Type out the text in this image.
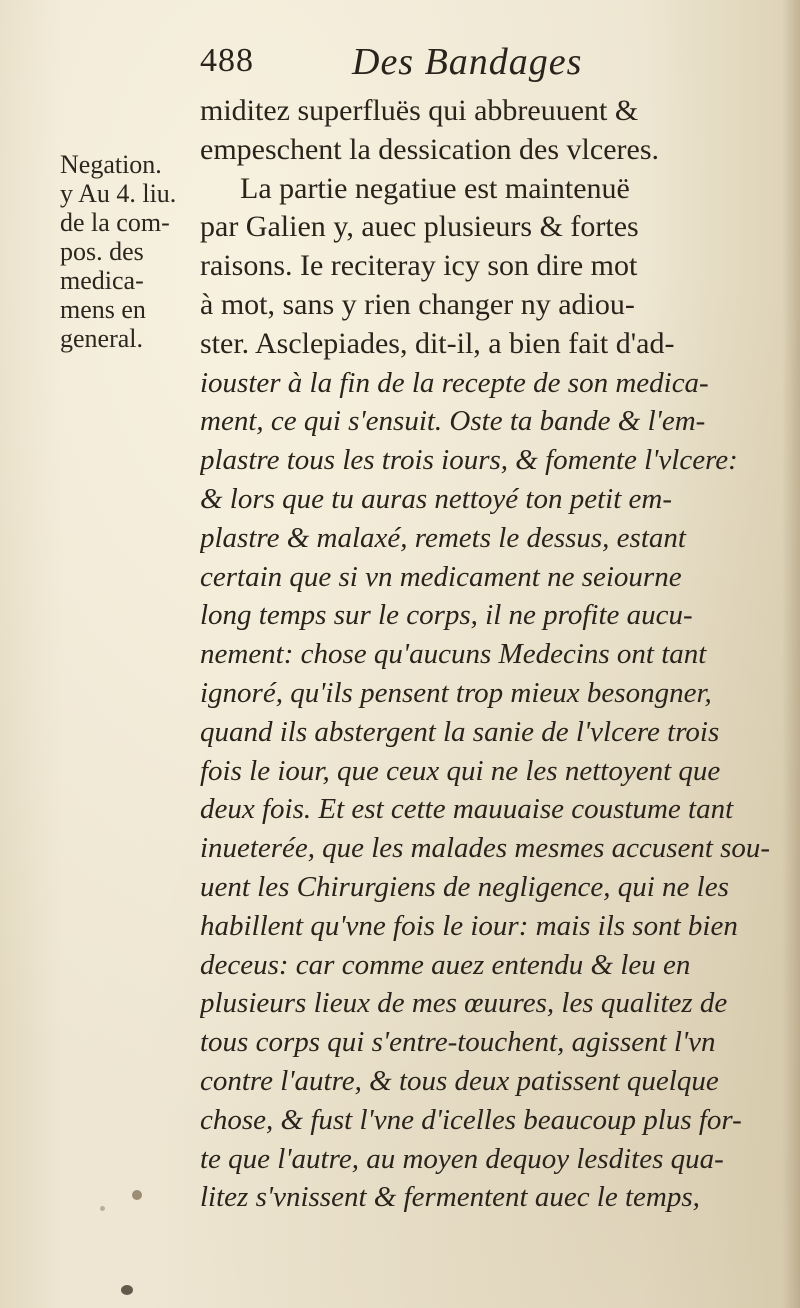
488	Des Bandages
Negation.
y Au 4. liu.
de la com-
pos. des
medica-
mens en
general.
miditez superfluës qui abbreuuent &
empeschent la dessication des vlceres.
La partie negatiue est maintenuë
par Galien y, auec plusieurs & fortes
raisons. Ie reciteray icy son dire mot
à mot, sans y rien changer ny adiou-
ster. Asclepiades, dit-il, a bien fait d'ad-
iouster à la fin de la recepte de son medica-
ment, ce qui s'ensuit. Oste ta bande & l'em-
plastre tous les trois iours, & fomente l'vlcere:
& lors que tu auras nettoyé ton petit em-
plastre & malaxé, remets le dessus, estant
certain que si vn medicament ne seiourne
long temps sur le corps, il ne profite aucu-
nement: chose qu'aucuns Medecins ont tant
ignoré, qu'ils pensent trop mieux besongner,
quand ils abstergent la sanie de l'vlcere trois
fois le iour, que ceux qui ne les nettoyent que
deux fois. Et est cette mauuaise coustume tant
inueterée, que les malades mesmes accusent sou-
uent les Chirurgiens de negligence, qui ne les
habillent qu'vne fois le iour: mais ils sont bien
deceus: car comme auez entendu & leu en
plusieurs lieux de mes œuures, les qualitez de
tous corps qui s'entre-touchent, agissent l'vn
contre l'autre, & tous deux patissent quelque
chose, & fust l'vne d'icelles beaucoup plus for-
te que l'autre, au moyen dequoy lesdites qua-
litez s'vnissent & fermentent auec le temps,
